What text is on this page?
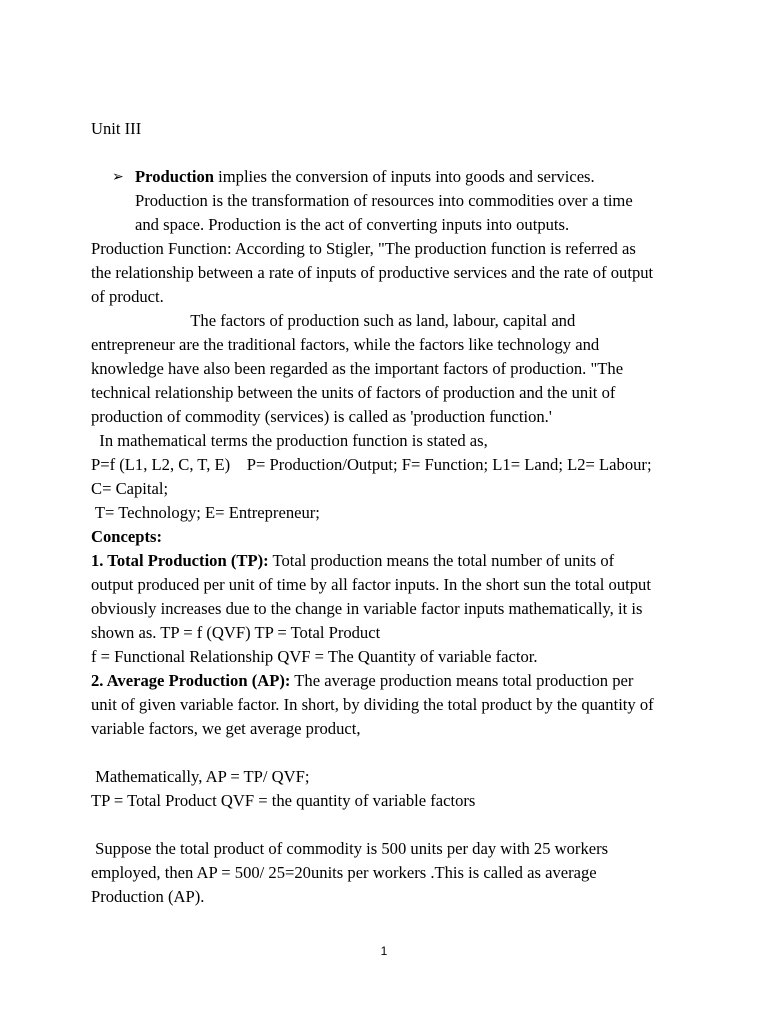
Unit III
➢ Production implies the conversion of inputs into goods and services.
Production is the transformation of resources into commodities over a time
and space. Production is the act of converting inputs into outputs.
Production Function: According to Stigler, "The production function is referred as
the relationship between a rate of inputs of productive services and the rate of output
of product.
The factors of production such as land, labour, capital and
entrepreneur are the traditional factors, while the factors like technology and
knowledge have also been regarded as the important factors of production. "The
technical relationship between the units of factors of production and the unit of
production of commodity (services) is called as 'production function.'
In mathematical terms the production function is stated as,
P=f (L1, L2, C, T, E)    P= Production/Output; F= Function; L1= Land; L2= Labour;
C= Capital;
T= Technology; E= Entrepreneur;
Concepts:
1. Total Production (TP): Total production means the total number of units of
output produced per unit of time by all factor inputs. In the short sun the total output
obviously increases due to the change in variable factor inputs mathematically, it is
shown as. TP = f (QVF) TP = Total Product
f = Functional Relationship QVF = The Quantity of variable factor.
2. Average Production (AP): The average production means total production per
unit of given variable factor. In short, by dividing the total product by the quantity of
variable factors, we get average product,
Mathematically, AP = TP/ QVF;
TP = Total Product QVF = the quantity of variable factors
Suppose the total product of commodity is 500 units per day with 25 workers
employed, then AP = 500/ 25=20units per workers .This is called as average
Production (AP).
1
